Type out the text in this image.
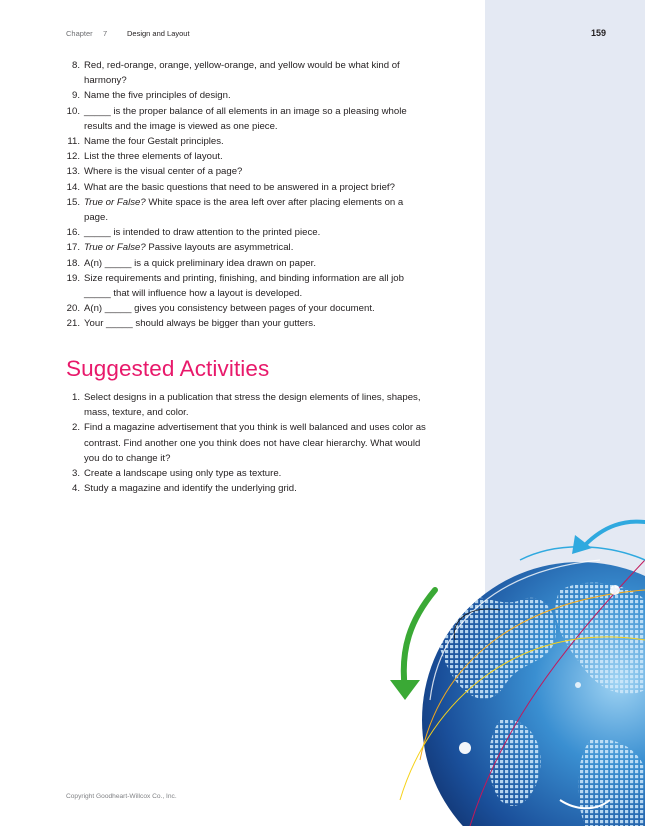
Chapter 7	Design and Layout	159
8. Red, red-orange, orange, yellow-orange, and yellow would be what kind of harmony?
9. Name the five principles of design.
10. _____ is the proper balance of all elements in an image so a pleasing whole results and the image is viewed as one piece.
11. Name the four Gestalt principles.
12. List the three elements of layout.
13. Where is the visual center of a page?
14. What are the basic questions that need to be answered in a project brief?
15. True or False? White space is the area left over after placing elements on a page.
16. _____ is intended to draw attention to the printed piece.
17. True or False? Passive layouts are asymmetrical.
18. A(n) _____ is a quick preliminary idea drawn on paper.
19. Size requirements and printing, finishing, and binding information are all job _____ that will influence how a layout is developed.
20. A(n) _____ gives you consistency between pages of your document.
21. Your _____ should always be bigger than your gutters.
Suggested Activities
1. Select designs in a publication that stress the design elements of lines, shapes, mass, texture, and color.
2. Find a magazine advertisement that you think is well balanced and uses color as contrast. Find another one you think does not have clear hierarchy. What would you do to change it?
3. Create a landscape using only type as texture.
4. Study a magazine and identify the underlying grid.
Copyright Goodheart-Willcox Co., Inc.
